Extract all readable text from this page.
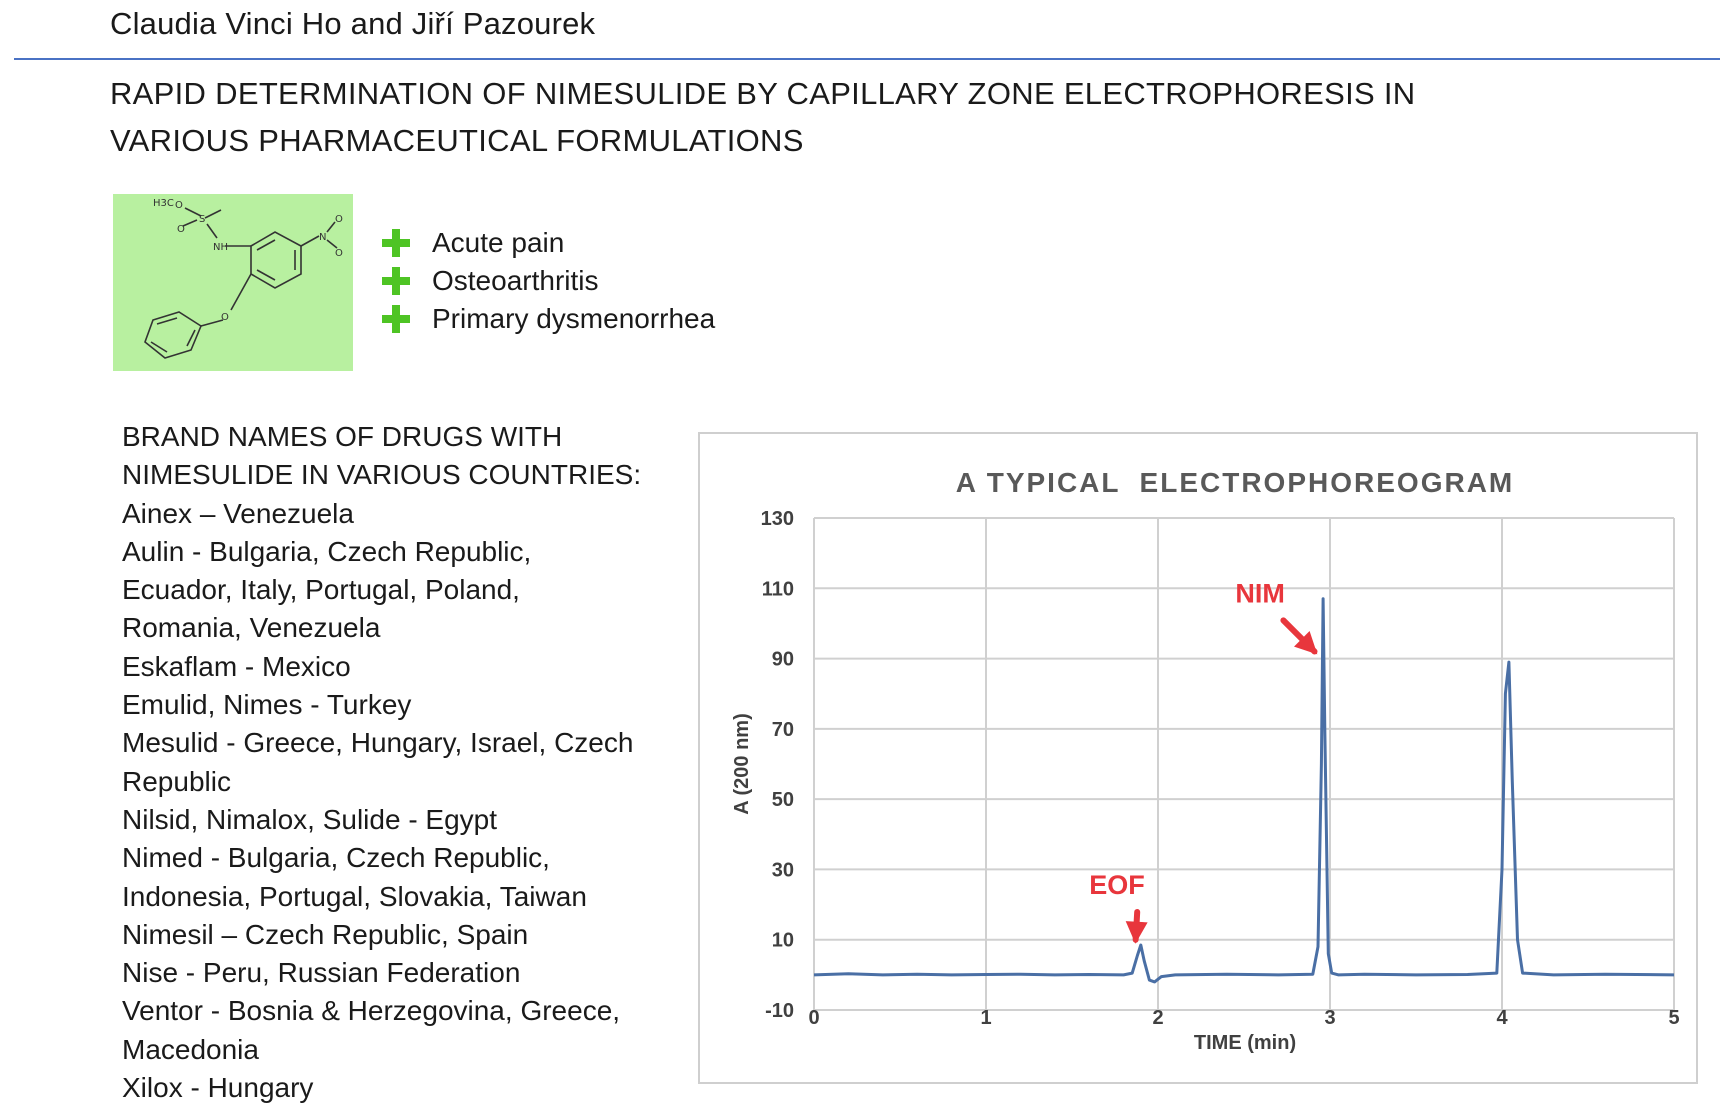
Claudia Vinci Ho and Jiří Pazourek
RAPID DETERMINATION OF NIMESULIDE BY CAPILLARY ZONE ELECTROPHORESIS IN
VARIOUS PHARMACEUTICAL FORMULATIONS
H3C
S
O
O
NH
N
O
O
O
Acute pain
Osteoarthritis
Primary dysmenorrhea
BRAND NAMES OF DRUGS WITH
NIMESULIDE IN VARIOUS COUNTRIES:
Ainex – Venezuela
Aulin - Bulgaria, Czech Republic,
Ecuador, Italy, Portugal, Poland,
Romania, Venezuela
Eskaflam - Mexico
Emulid, Nimes - Turkey
Mesulid - Greece, Hungary, Israel, Czech
Republic
Nilsid, Nimalox, Sulide - Egypt
Nimed - Bulgaria, Czech Republic,
Indonesia, Portugal, Slovakia, Taiwan
Nimesil – Czech Republic, Spain
Nise - Peru, Russian Federation
Ventor - Bosnia & Herzegovina, Greece,
Macedonia
Xilox - Hungary
A TYPICAL  ELECTROPHOREOGRAM
-10
10
30
50
70
90
110
130
0	1	2	3	4	5
EOF
NIM
TIME (min)
A (200 nm)
